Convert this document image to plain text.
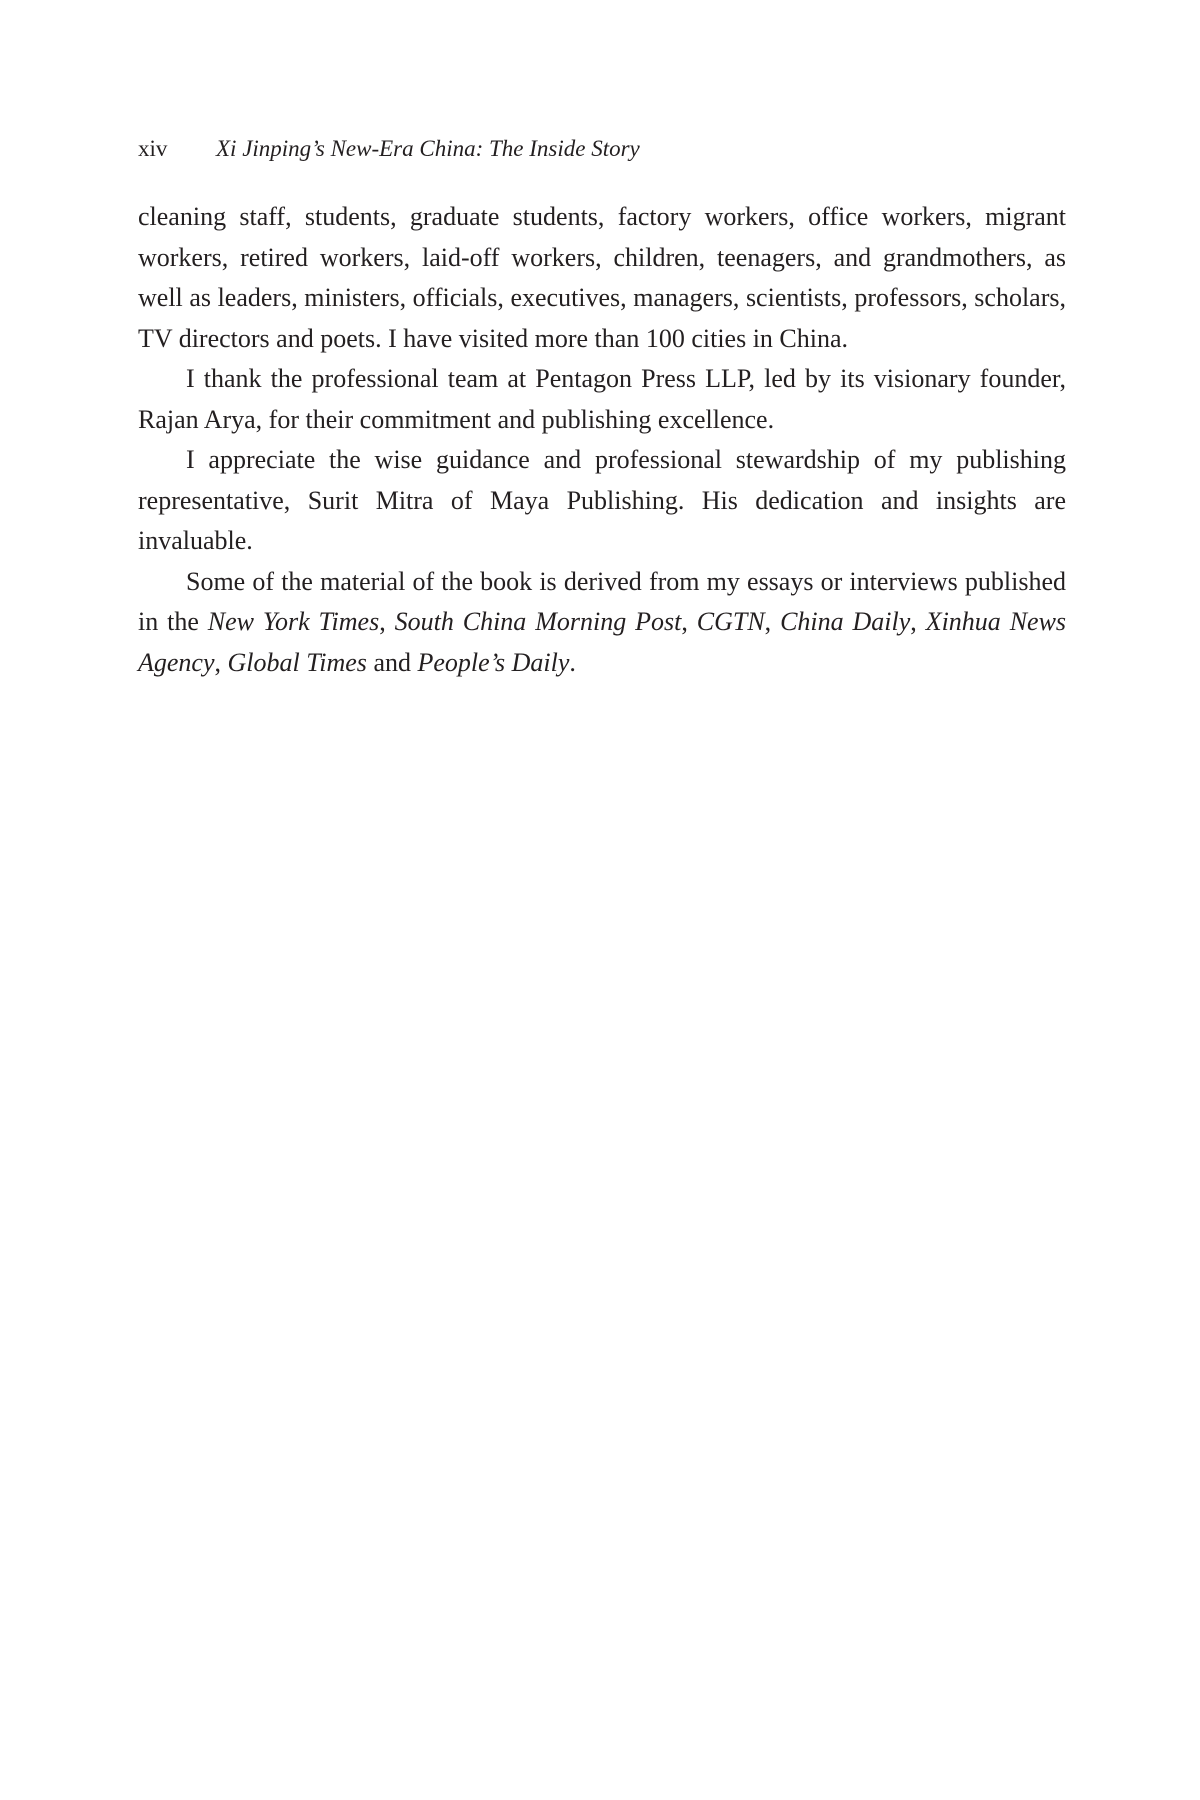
xiv Xi Jinping’s New-Era China: The Inside Story

cleaning staff, students, graduate students, factory workers, office workers, migrant workers, retired workers, laid-off workers, children, teenagers, and grandmothers, as well as leaders, ministers, officials, executives, managers, scientists, professors, scholars, TV directors and poets. I have visited more than 100 cities in China.

I thank the professional team at Pentagon Press LLP, led by its visionary founder, Rajan Arya, for their commitment and publishing excellence.

I appreciate the wise guidance and professional stewardship of my publishing representative, Surit Mitra of Maya Publishing. His dedication and insights are invaluable.

Some of the material of the book is derived from my essays or interviews published in the New York Times, South China Morning Post, CGTN, China Daily, Xinhua News Agency, Global Times and People’s Daily.
